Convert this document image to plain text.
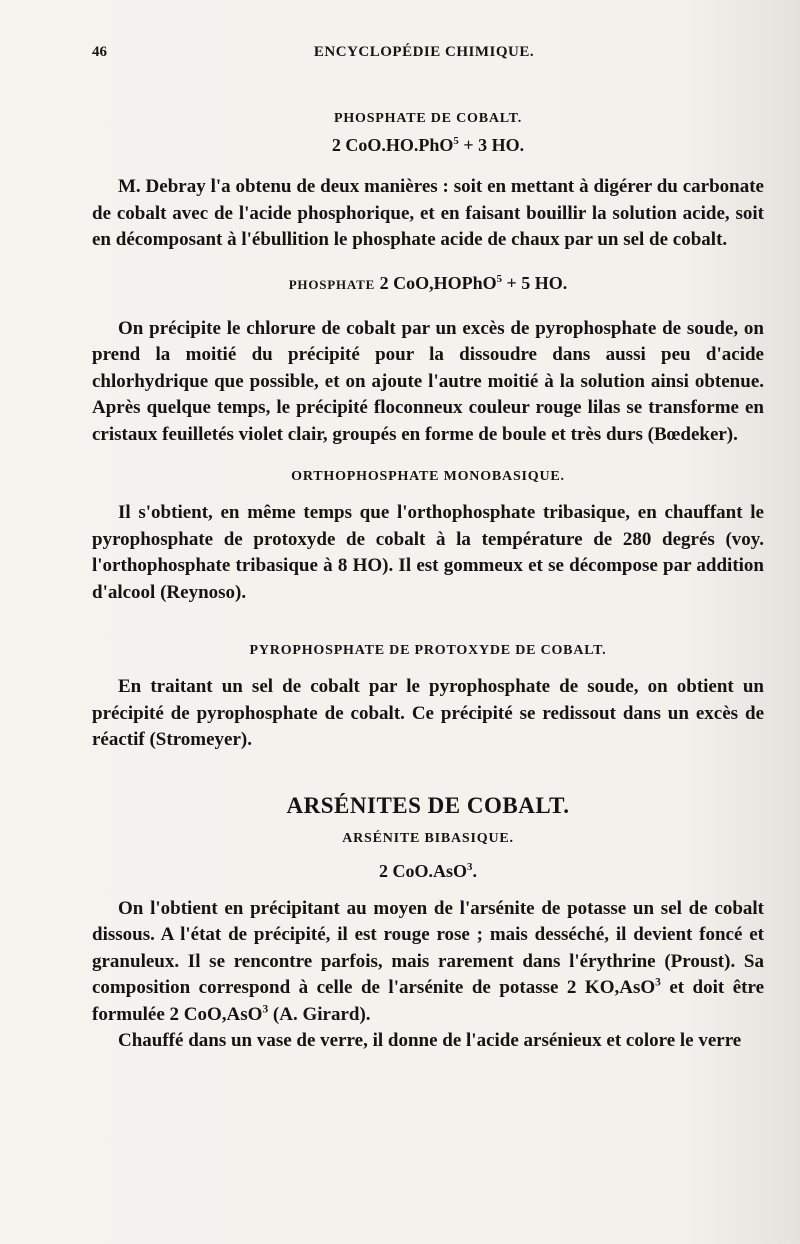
46	ENCYCLOPÉDIE CHIMIQUE.

PHOSPHATE DE COBALT.

2 CoO.HO.PhO$^5$ + 3 HO.

M. Debray l'a obtenu de deux manières : soit en mettant à digérer du carbonate de cobalt avec de l'acide phosphorique, et en faisant bouillir la solution acide, soit en décomposant à l'ébullition le phosphate acide de chaux par un sel de cobalt.

PHOSPHATE 2 CoO,HOPhO$^5$ + 5 HO.

On précipite le chlorure de cobalt par un excès de pyrophosphate de soude, on prend la moitié du précipité pour la dissoudre dans aussi peu d'acide chlorhydrique que possible, et on ajoute l'autre moitié à la solution ainsi obtenue. Après quelque temps, le précipité floconneux couleur rouge lilas se transforme en cristaux feuilletés violet clair, groupés en forme de boule et très durs (Bœdeker).

ORTHOPHOSPHATE MONOBASIQUE.

Il s'obtient, en même temps que l'orthophosphate tribasique, en chauffant le pyrophosphate de protoxyde de cobalt à la température de 280 degrés (voy. l'orthophosphate tribasique à 8 HO). Il est gommeux et se décompose par addition d'alcool (Reynoso).

PYROPHOSPHATE DE PROTOXYDE DE COBALT.

En traitant un sel de cobalt par le pyrophosphate de soude, on obtient un précipité de pyrophosphate de cobalt. Ce précipité se redissout dans un excès de réactif (Stromeyer).

ARSÉNITES DE COBALT.

ARSÉNITE BIBASIQUE.

2 CoO.AsO$^3$.

On l'obtient en précipitant au moyen de l'arsénite de potasse un sel de cobalt dissous. A l'état de précipité, il est rouge rose ; mais desséché, il devient foncé et granuleux. Il se rencontre parfois, mais rarement dans l'érythrine (Proust). Sa composition correspond à celle de l'arsénite de potasse 2 KO,AsO$^3$ et doit être formulée 2 CoO,AsO$^3$ (A. Girard).

Chauffé dans un vase de verre, il donne de l'acide arsénieux et colore le verre
